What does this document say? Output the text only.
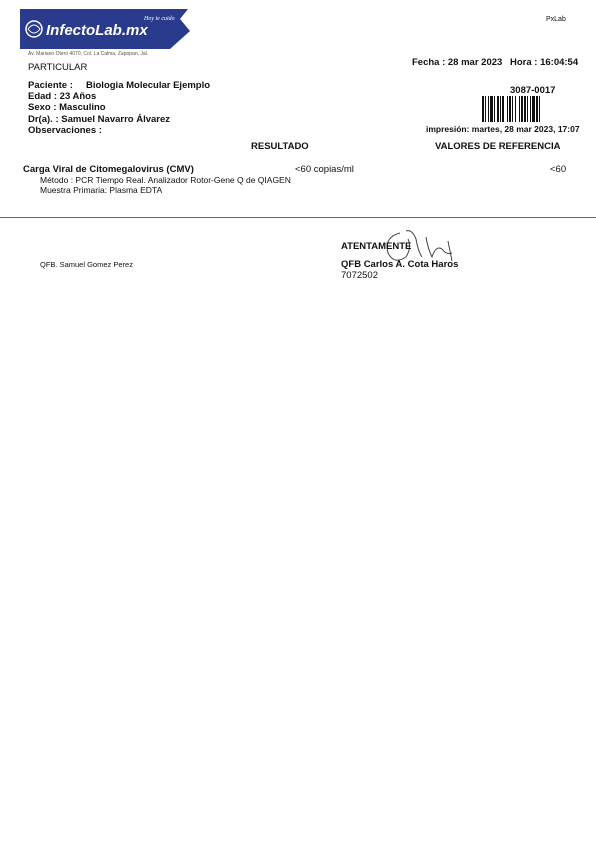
InfectoLab.mx
Hoy te cuido
Av. Mariano Otero 4070, Col. La Calma, Zapopan, Jal.
PxLab
PARTICULAR	Fecha : 28 mar 2023 Hora : 16:04:54
Paciente : Biologia Molecular Ejemplo
Edad : 23 Años
Sexo : Masculino
Dr(a). : Samuel Navarro Álvarez
Observaciones :
3087-0017
impresión: martes, 28 mar 2023, 17:07
RESULTADO	VALORES DE REFERENCIA
Carga Viral de Citomegalovirus (CMV)	<60 copias/ml	<60
Método : PCR Tiempo Real. Analizador Rotor-Gene Q de QIAGEN
Muestra Primaria: Plasma EDTA
ATENTAMENTE
QFB. Samuel Gomez Perez	QFB Carlos A. Cota Haros
7072502
